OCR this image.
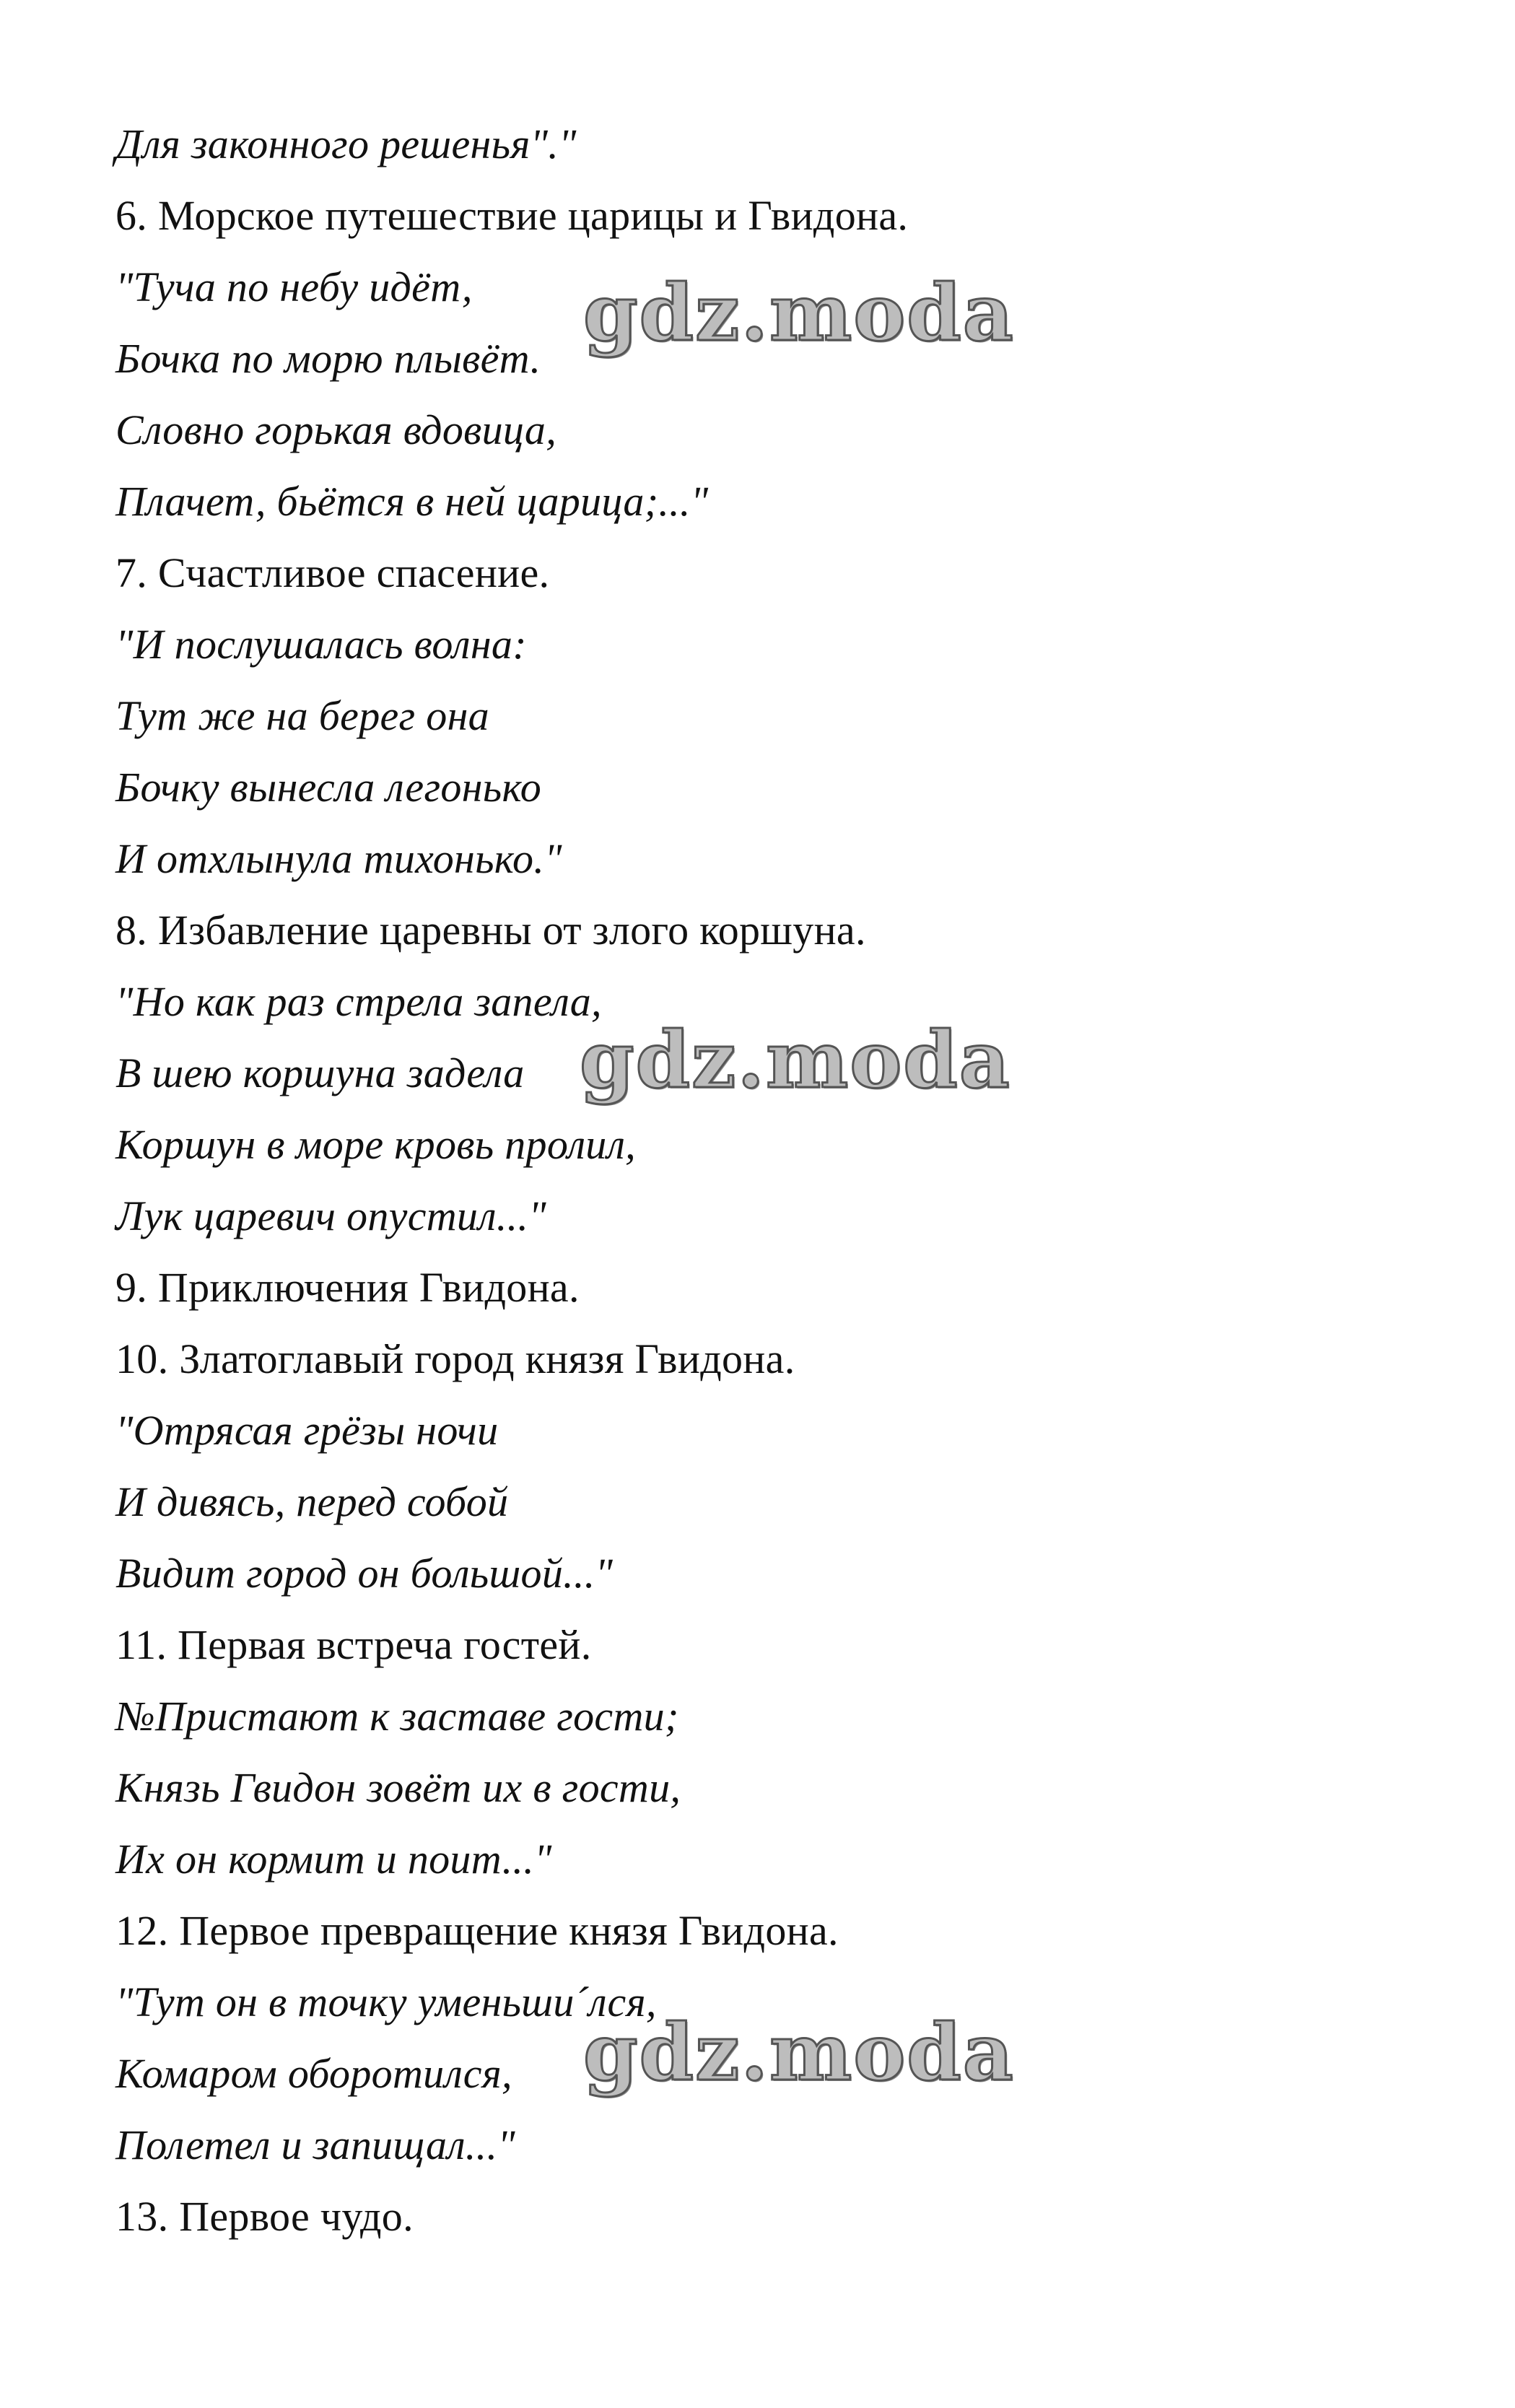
Для законного решенья"."
6. Морское путешествие царицы и Гвидона.
"Туча по небу идёт,
Бочка по морю плывёт.
Словно горькая вдовица,
Плачет, бьётся в ней царица;..."
7. Счастливое спасение.
"И послушалась волна:
Тут же на берег она
Бочку вынесла легонько
И отхлынула тихонько."
8. Избавление царевны от злого коршуна.
"Но как раз стрела запела,
В шею коршуна задела
Коршун в море кровь пролил,
Лук царевич опустил..."
9. Приключения Гвидона.
10. Златоглавый город князя Гвидона.
"Отрясая грёзы ночи
И дивясь, перед собой
Видит город он большой..."
11. Первая встреча гостей.
№Пристают к заставе гости;
Князь Гвидон зовёт их в гости,
Их он кормит и поит..."
12. Первое превращение князя Гвидона.
"Тут он в точку уменьши´лся,
Комаром оборотился,
Полетел и запищал..."
13. Первое чудо.
gdz.moda
gdz.moda
gdz.moda
